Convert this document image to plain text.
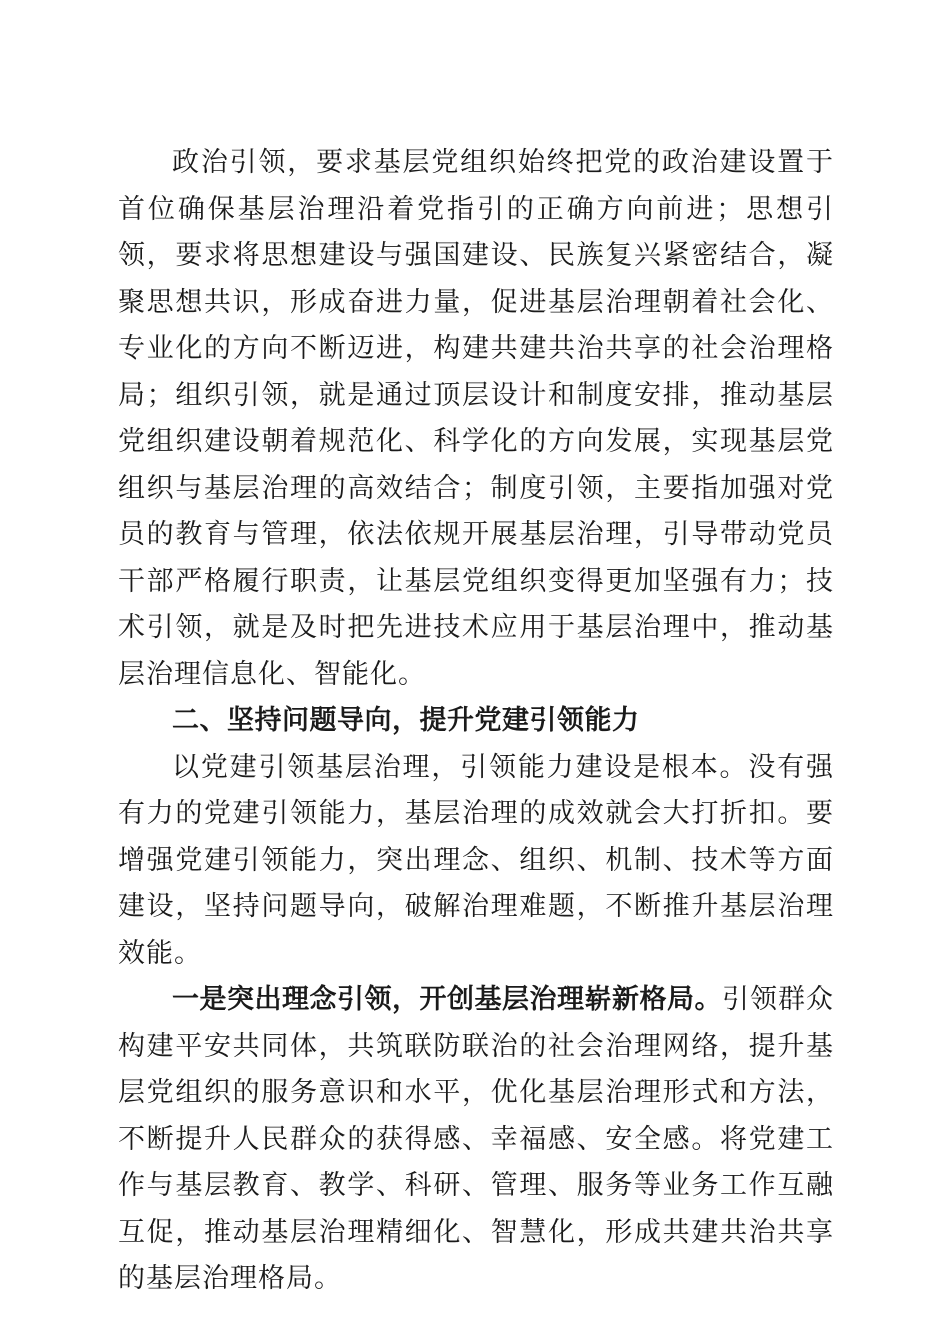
政治引领，要求基层党组织始终把党的政治建设置于首位确保基层治理沿着党指引的正确方向前进；思想引领，要求将思想建设与强国建设、民族复兴紧密结合，凝聚思想共识，形成奋进力量，促进基层治理朝着社会化、专业化的方向不断迈进，构建共建共治共享的社会治理格局；组织引领，就是通过顶层设计和制度安排，推动基层党组织建设朝着规范化、科学化的方向发展，实现基层党组织与基层治理的高效结合；制度引领，主要指加强对党员的教育与管理，依法依规开展基层治理，引导带动党员干部严格履行职责，让基层党组织变得更加坚强有力；技术引领，就是及时把先进技术应用于基层治理中，推动基层治理信息化、智能化。

二、坚持问题导向，提升党建引领能力

以党建引领基层治理，引领能力建设是根本。没有强有力的党建引领能力，基层治理的成效就会大打折扣。要增强党建引领能力，突出理念、组织、机制、技术等方面建设，坚持问题导向，破解治理难题，不断推升基层治理效能。

一是突出理念引领，开创基层治理崭新格局。引领群众构建平安共同体，共筑联防联治的社会治理网络，提升基层党组织的服务意识和水平，优化基层治理形式和方法，不断提升人民群众的获得感、幸福感、安全感。将党建工作与基层教育、教学、科研、管理、服务等业务工作互融互促，推动基层治理精细化、智慧化，形成共建共治共享的基层治理格局。
